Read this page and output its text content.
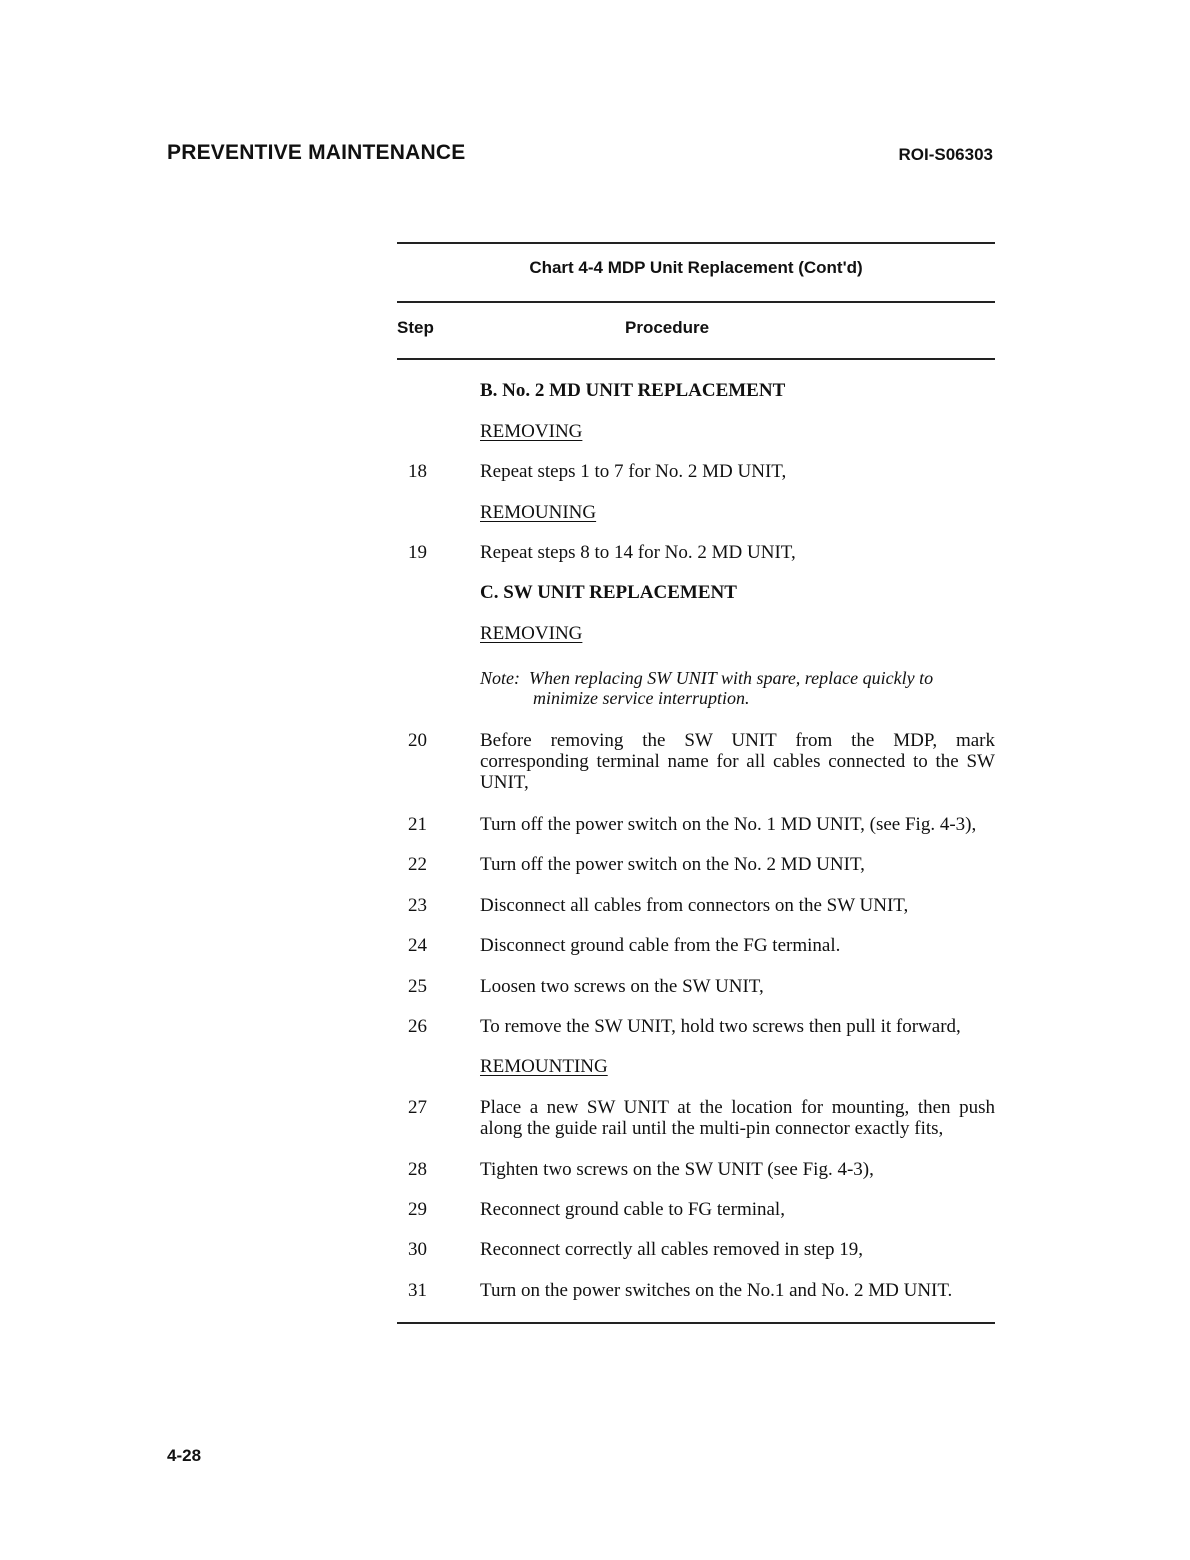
PREVENTIVE MAINTENANCE	ROI-S06303
Chart 4-4 MDP Unit Replacement (Cont'd)
Step	Procedure
B. No. 2 MD UNIT REPLACEMENT
REMOVING
18	Repeat steps 1 to 7 for No. 2 MD UNIT,
REMOUNING
19	Repeat steps 8 to 14 for No. 2 MD UNIT,
C. SW UNIT REPLACEMENT
REMOVING
Note:  When replacing SW UNIT with spare, replace quickly to
minimize service interruption.
20	Before removing the SW UNIT from the MDP, mark corresponding terminal name for all cables connected to the SW UNIT,
21	Turn off the power switch on the No. 1 MD UNIT, (see Fig. 4-3),
22	Turn off the power switch on the No. 2 MD UNIT,
23	Disconnect all cables from connectors on the SW UNIT,
24	Disconnect ground cable from the FG terminal.
25	Loosen two screws on the SW UNIT,
26	To remove the SW UNIT, hold two screws then pull it forward,
REMOUNTING
27	Place a new SW UNIT at the location for mounting, then push along the guide rail until the multi-pin connector exactly fits,
28	Tighten two screws on the SW UNIT (see Fig. 4-3),
29	Reconnect ground cable to FG terminal,
30	Reconnect correctly all cables removed in step 19,
31	Turn on the power switches on the No.1 and No. 2 MD UNIT.
4-28
